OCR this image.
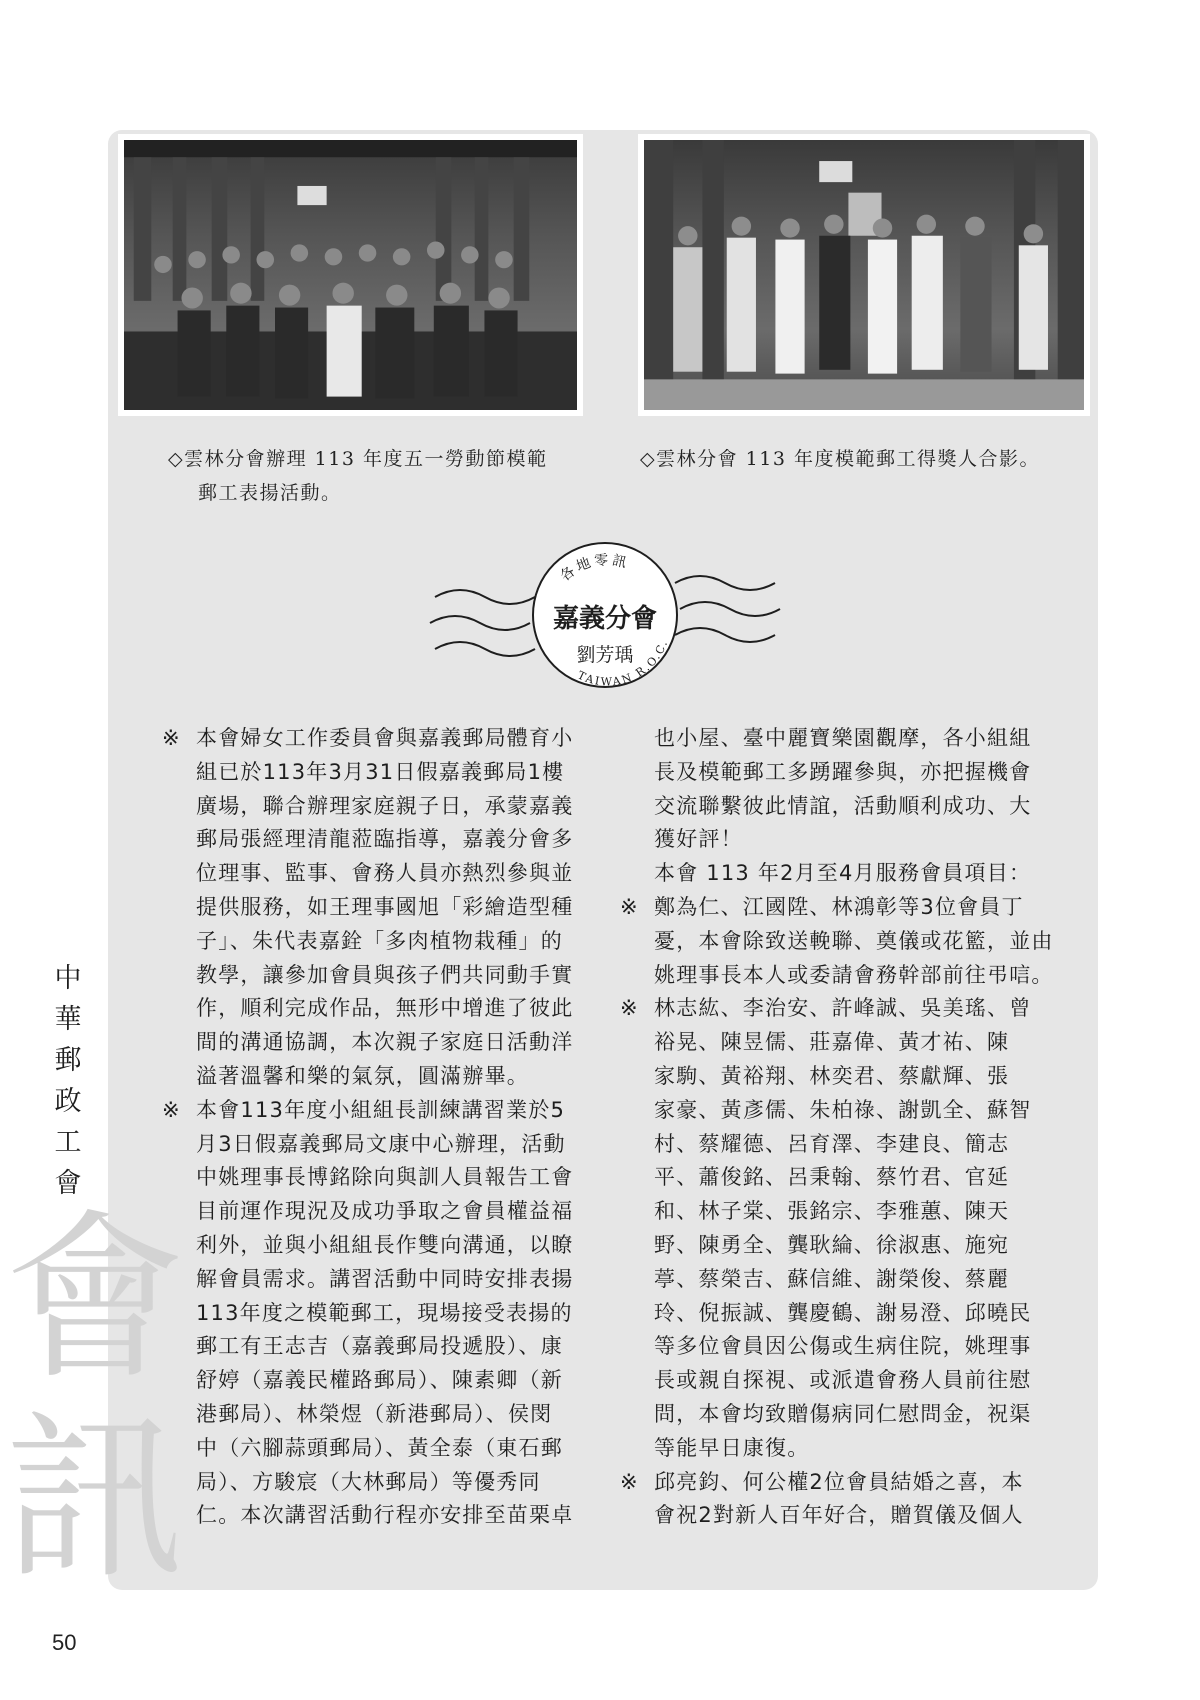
◇雲林分會辦理 113 年度五一勞動節模範
郵工表揚活動。
◇雲林分會 113 年度模範郵工得獎人合影。
各地零訊
嘉義分會
劉芳瑀
TAIWAN R.O.C.
※ 本會婦女工作委員會與嘉義郵局體育小
組已於113年3月31日假嘉義郵局1樓
廣場，聯合辦理家庭親子日，承蒙嘉義
郵局張經理清龍蒞臨指導，嘉義分會多
位理事、監事、會務人員亦熱烈參與並
提供服務，如王理事國旭「彩繪造型種
子」、朱代表嘉銓「多肉植物栽種」的
教學，讓參加會員與孩子們共同動手實
作，順利完成作品，無形中增進了彼此
間的溝通協調，本次親子家庭日活動洋
溢著溫馨和樂的氣氛，圓滿辦畢。
※ 本會113年度小組組長訓練講習業於5
月3日假嘉義郵局文康中心辦理，活動
中姚理事長博銘除向與訓人員報告工會
目前運作現況及成功爭取之會員權益福
利外，並與小組組長作雙向溝通，以瞭
解會員需求。講習活動中同時安排表揚
113年度之模範郵工，現場接受表揚的
郵工有王志吉（嘉義郵局投遞股）、康
舒婷（嘉義民權路郵局）、陳素卿（新
港郵局）、林榮煜（新港郵局）、侯閔
中（六腳蒜頭郵局）、黃全泰（東石郵
局）、方駿宸（大林郵局）等優秀同
仁。本次講習活動行程亦安排至苗栗卓
也小屋、臺中麗寶樂園觀摩，各小組組
長及模範郵工多踴躍參與，亦把握機會
交流聯繫彼此情誼，活動順利成功、大
獲好評！
本會 113 年2月至4月服務會員項目：
※ 鄭為仁、江國陞、林鴻彰等3位會員丁
憂，本會除致送輓聯、奠儀或花籃，並由
姚理事長本人或委請會務幹部前往弔唁。
※ 林志紘、李治安、許峰誠、吳美瑤、曾
裕晃、陳昱儒、莊嘉偉、黃才祐、陳
家駒、黃裕翔、林奕君、蔡獻輝、張
家豪、黃彥儒、朱柏祿、謝凱全、蘇智
村、蔡耀德、呂育澤、李建良、簡志
平、蕭俊銘、呂秉翰、蔡竹君、官延
和、林子棠、張銘宗、李雅蕙、陳天
野、陳勇全、龔耿綸、徐淑惠、施宛
葶、蔡榮吉、蘇信維、謝榮俊、蔡麗
玲、倪振誠、龔慶鶴、謝易澄、邱曉民
等多位會員因公傷或生病住院，姚理事
長或親自探視、或派遣會務人員前往慰
問，本會均致贈傷病同仁慰問金，祝渠
等能早日康復。
※ 邱亮鈞、何公權2位會員結婚之喜，本
會祝2對新人百年好合，贈賀儀及個人
中
華
郵
政
工
會
會
訊
50
